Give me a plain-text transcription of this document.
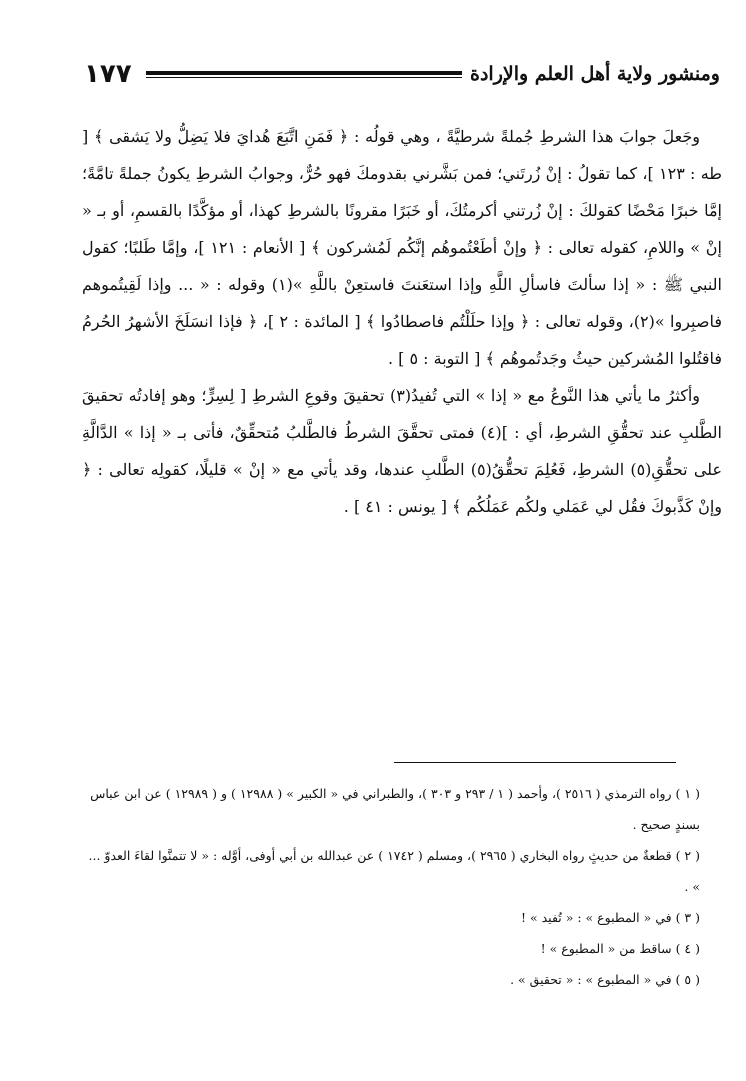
١٧٧	ومنشور ولاية أهل العلم والإرادة

وجَعلَ جوابَ هذا الشرطِ جُملةً شرطيَّةً ، وهي قولُه : ﴿ فَمَنِ اتَّبَعَ هُدايَ فلا يَضِلُّ ولا يَشقى ﴾ [ طه : ١٢٣ ]، كما تقولُ : إنْ زُرتَني؛ فمن بَشَّرني بقدومكَ فهو حُرٌّ، وجوابُ الشرطِ يكونُ جملةً تامَّةً؛ إمَّا خبرًا مَحْضًا كقولكَ : إنْ زُرتني أكرمتُكَ، أو خَبَرًا مقرونًا بالشرطِ كهذا، أو مؤكَّدًا بالقسمِ، أو بـ « إنْ » واللامِ، كقوله تعالى : ﴿ وإنْ أطَعْتُموهُم إنَّكُم لَمُشركون ﴾ [ الأنعام : ١٢١ ]، وإمَّا طَلبًا؛ كقول النبي ﷺ : « إذا سألتَ فاسألِ اللَّهِ وإذا استعَنتَ فاستعِنْ باللَّهِ »(١) وقوله : « ... وإذا لَقِيتُموهم فاصبِروا »(٢)، وقوله تعالى : ﴿ وإذا حلَلْتُم فاصطادُوا ﴾ [ المائدة : ٢ ]، ﴿ فإذا انسَلَخَ الأشهرُ الحُرمُ فاقتُلوا المُشركين حيثُ وجَدتُموهُم ﴾ [ التوبة : ٥ ] .

وأكثرُ ما يأتي هذا النَّوعُ مع « إذا » التي تُفيدُ(٣) تحقيقَ وقوعِ الشرطِ [ لِسِرٍّ؛ وهو إفادتُه تحقيقَ الطَّلبِ عند تحقُّقِ الشرطِ، أي : ](٤) فمتى تحقَّقَ الشرطُ فالطَّلبُ مُتحقِّقٌ، فأتى بـ « إذا » الدَّالَّةِ على تحقُّقِ(٥) الشرطِ، فَعُلِمَ تحقُّقُ(٥) الطَّلبِ عندها، وقد يأتي مع « إنْ » قليلًا، كقولِه تعالى : ﴿ وإنْ كَذَّبوكَ فقُل لي عَمَلي ولكُم عَمَلُكُم ﴾ [ يونس : ٤١ ] .

( ١ ) رواه الترمذي ( ٢٥١٦ )، وأحمد ( ١ / ٢٩٣ و ٣٠٣ )، والطبراني في « الكبير » ( ١٢٩٨٨ ) و ( ١٢٩٨٩ ) عن ابن عباس بسندٍ صحيح .

( ٢ ) قطعةٌ من حديثٍ رواه البخاري ( ٢٩٦٥ )، ومسلم ( ١٧٤٢ ) عن عبدالله بن أبي أوفى، أوَّله : « لا تتمنَّوا لقاءَ العدوّ ... » .

( ٣ ) في « المطبوع » : « تُفيد » !

( ٤ ) ساقط من « المطبوع » !

( ٥ ) في « المطبوع » : « تحقيق » .
